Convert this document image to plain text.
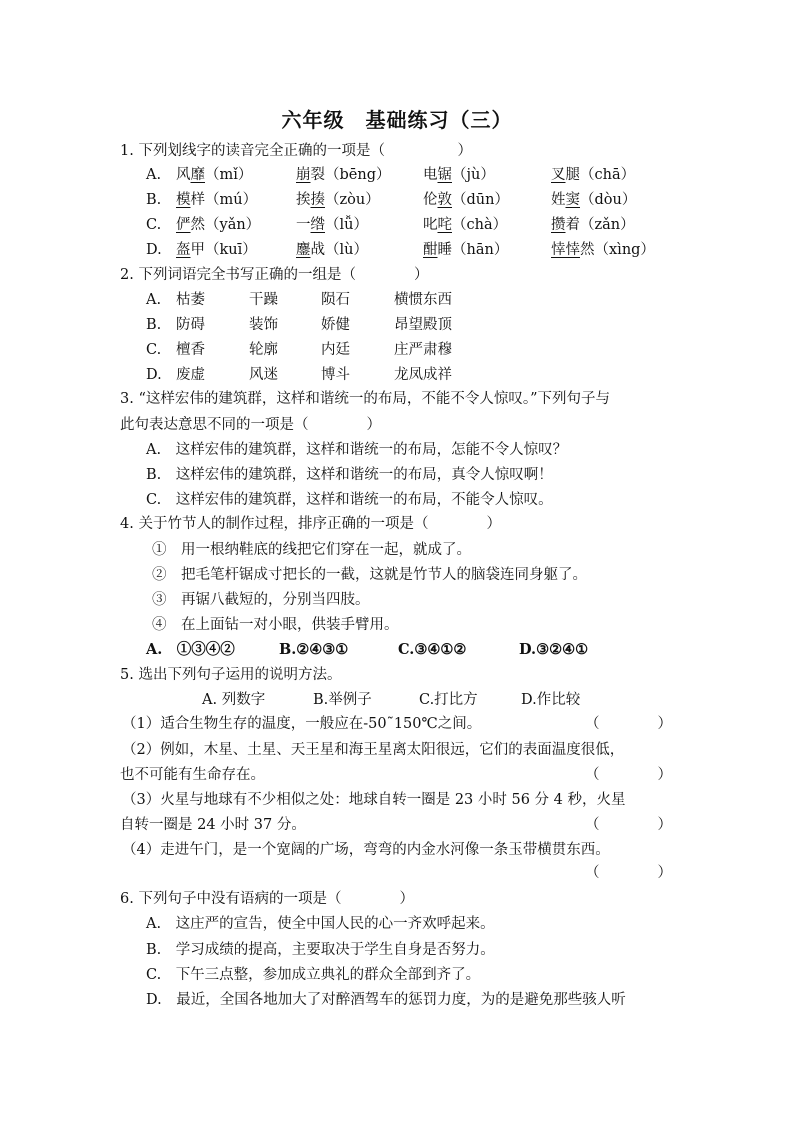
六年级　基础练习（三）
1. 下列划线字的读音完全正确的一项是（　　　　　）
A. 风靡（mǐ）	崩裂（bēng） 电锯（jù）	叉腿（chā）
B. 模样（mú）	挨揍（zòu）	伦敦（dūn）	姓窦（dòu）
C. 俨然（yǎn） 一绺（lǚ）	叱咤（chà）	攒着（zǎn）
D. 盔甲（kuī）	鏖战（lù）	酣睡（hān）	悻悻然（xìng）
2. 下列词语完全书写正确的一组是（　　　　）
A. 枯萎	干躁	陨石	横惯东西
B. 防碍	装饰	娇健	昂望殿顶
C. 檀香	轮廓	内廷	庄严肃穆
D. 废虚	风迷	博斗	龙凤成祥
3. “这样宏伟的建筑群，这样和谐统一的布局，不能不令人惊叹。”下列句子与
此句表达意思不同的一项是（　　　　）
A.　 这样宏伟的建筑群，这样和谐统一的布局，怎能不令人惊叹？
B.　 这样宏伟的建筑群，这样和谐统一的布局，真令人惊叹啊！
C.　 这样宏伟的建筑群，这样和谐统一的布局，不能令人惊叹。
4. 关于竹节人的制作过程，排序正确的一项是（　　　　）
①　 用一根纳鞋底的线把它们穿在一起，就成了。
②　 把毛笔杆锯成寸把长的一截，这就是竹节人的脑袋连同身躯了。
③　 再锯八截短的，分别当四肢。
④　 在上面钻一对小眼，供装手臂用。
A.　①③④②	B.②④③①	C.③④①②	D.③②④①
5. 选出下列句子运用的说明方法。
A. 列数字	B.举例子	C.打比方	D.作比较
（1）适合生物生存的温度，一般应在-50˜150℃之间。	（　　　　）
（2）例如，木星、土星、天王星和海王星离太阳很远，它们的表面温度很低，
也不可能有生命存在。	（　　　　）
（3）火星与地球有不少相似之处：地球自转一圈是 23 小时 56 分 4 秒，火星
自转一圈是 24 小时 37 分。	（　　　　）
（4）走进午门，是一个宽阔的广场，弯弯的内金水河像一条玉带横贯东西。
（　　　　）
6. 下列句子中没有语病的一项是（　　　　）
A.　 这庄严的宣告，使全中国人民的心一齐欢呼起来。
B.　 学习成绩的提高，主要取决于学生自身是否努力。
C.　 下午三点整，参加成立典礼的群众全部到齐了。
D.　 最近，全国各地加大了对醉酒驾车的惩罚力度，为的是避免那些骇人听
